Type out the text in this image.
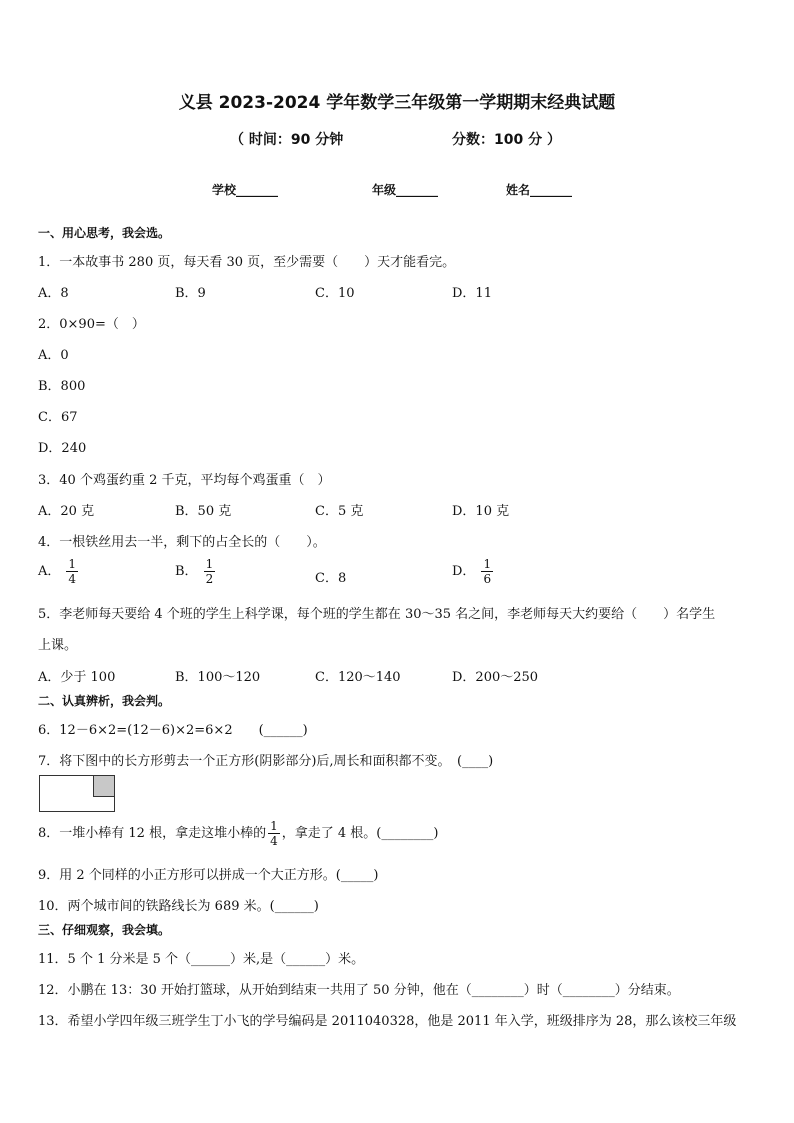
义县 2023-2024 学年数学三年级第一学期期末经典试题
（ 时间：90 分钟	分数：100 分 ）
学校_______	年级_______	姓名_______
一、用心思考，我会选。
1．一本故事书 280 页，每天看 30 页，至少需要（　　）天才能看完。
A．8	B．9	C．10	D．11
2．0×90=（　）
A．0
B．800
C．67
D．240
3．40 个鸡蛋约重 2 千克，平均每个鸡蛋重（　）
A．20 克	B．50 克	C．5 克	D．10 克
4．一根铁丝用去一半，剩下的占全长的（　　）。
A． $\frac{1}{4}$	B． $\frac{1}{2}$	C．8	D． $\frac{1}{6}$
5．李老师每天要给 4 个班的学生上科学课，每个班的学生都在 30～35 名之间，李老师每天大约要给（　　）名学生
上课。
A．少于 100	B．100～120	C．120～140	D．200～250
二、认真辨析，我会判。
6．12－6×2=(12－6)×2=6×2　　(______)
7．将下图中的长方形剪去一个正方形(阴影部分)后,周长和面积都不变。　(____)
8．一堆小棒有 12 根，拿走这堆小棒的 $\frac{1}{4}$ ，拿走了 4 根。(________)
9．用 2 个同样的小正方形可以拼成一个大正方形。(_____)
10．两个城市间的铁路线长为 689 米。(______)
三、仔细观察，我会填。
11．5 个 1 分米是 5 个（______）米,是（______）米。
12．小鹏在 13：30 开始打篮球，从开始到结束一共用了 50 分钟，他在（________）时（________）分结束。
13．希望小学四年级三班学生丁小飞的学号编码是 2011040328，他是 2011 年入学，班级排序为 28，那么该校三年级
